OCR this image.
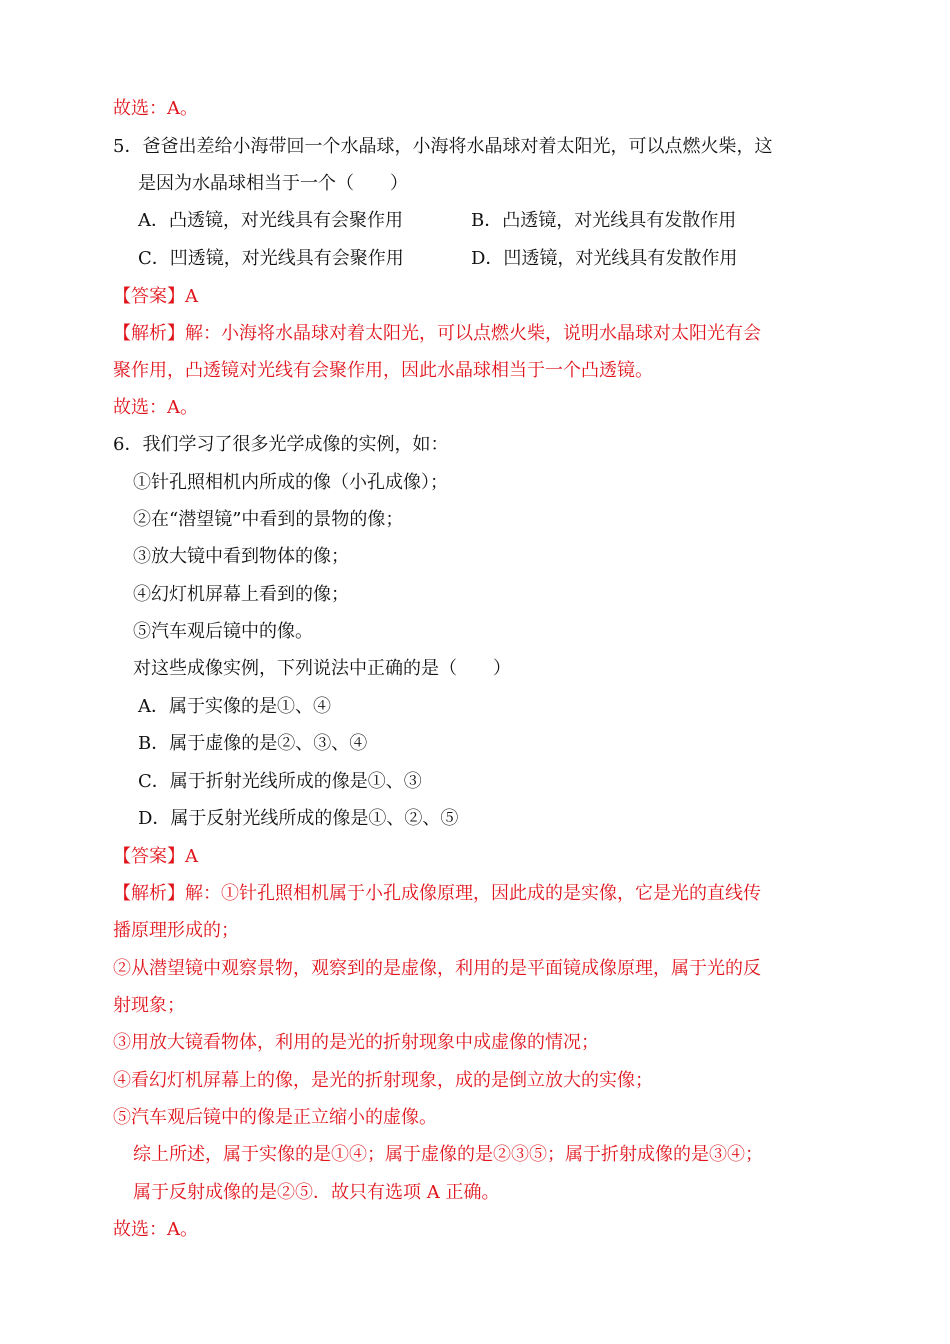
故选：A。
5．爸爸出差给小海带回一个水晶球，小海将水晶球对着太阳光，可以点燃火柴，这
是因为水晶球相当于一个（　　）
A．凸透镜，对光线具有会聚作用	B．凸透镜，对光线具有发散作用
C．凹透镜，对光线具有会聚作用	D．凹透镜，对光线具有发散作用
【答案】A
【解析】解：小海将水晶球对着太阳光，可以点燃火柴，说明水晶球对太阳光有会
聚作用，凸透镜对光线有会聚作用，因此水晶球相当于一个凸透镜。
故选：A。
6．我们学习了很多光学成像的实例，如：
①针孔照相机内所成的像（小孔成像）；
②在“潜望镜”中看到的景物的像；
③放大镜中看到物体的像；
④幻灯机屏幕上看到的像；
⑤汽车观后镜中的像。
对这些成像实例，下列说法中正确的是（　　）
A．属于实像的是①、④
B．属于虚像的是②、③、④
C．属于折射光线所成的像是①、③
D．属于反射光线所成的像是①、②、⑤
【答案】A
【解析】解：①针孔照相机属于小孔成像原理，因此成的是实像，它是光的直线传
播原理形成的；
②从潜望镜中观察景物，观察到的是虚像，利用的是平面镜成像原理，属于光的反
射现象；
③用放大镜看物体，利用的是光的折射现象中成虚像的情况；
④看幻灯机屏幕上的像，是光的折射现象，成的是倒立放大的实像；
⑤汽车观后镜中的像是正立缩小的虚像。
综上所述，属于实像的是①④；属于虚像的是②③⑤；属于折射成像的是③④；
属于反射成像的是②⑤．故只有选项 A 正确。
故选：A。
